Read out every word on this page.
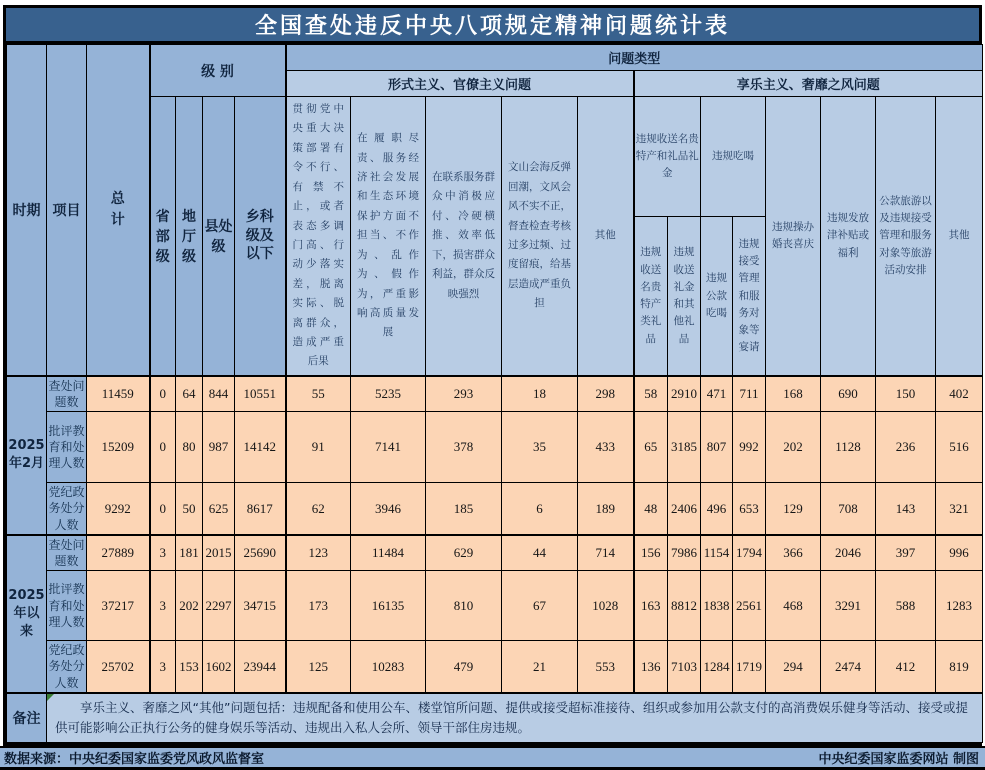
全国查处违反中央八项规定精神问题统计表
时期	项目	总计	级 别				问题类型												
							形式主义、官僚主义问题					享乐主义、奢靡之风问题							
			省部级	地厅级	县处级	乡科级及以下	贯彻党中央重大决策部署有令不行、有禁不止，或者表态多调门高、行动少落实差，脱离实际、脱离群众，造成严重后果	在履职尽责、服务经济社会发展和生态环境保护方面不担当、不作为、乱作为、假作为，严重影响高质量发展	在联系服务群众中消极应付、冷硬横推、效率低下，损害群众利益，群众反映强烈	文山会海反弹回潮，文风会风不实不正，督查检查考核过多过频、过度留痕，给基层造成严重负担	其他	违规收送名贵特产和礼品礼金		违规吃喝		违规操办婚丧喜庆	违规发放津补贴或福利	公款旅游以及违规接受管理和服务对象等旅游活动安排	其他
												违规收送名贵特产类礼品	违规收送礼金和其他礼品	违规公款吃喝	违规接受管理和服务对象等宴请				
2025年2月	查处问题数	11459	0	64	844	10551	55	5235	293	18	298	58	2910	471	711	168	690	150	402
	批评教育和处理人数	15209	0	80	987	14142	91	7141	378	35	433	65	3185	807	992	202	1128	236	516
	党纪政务处分人数	9292	0	50	625	8617	62	3946	185	6	189	48	2406	496	653	129	708	143	321
2025年以来	查处问题数	27889	3	181	2015	25690	123	11484	629	44	714	156	7986	1154	1794	366	2046	397	996
	批评教育和处理人数	37217	3	202	2297	34715	173	16135	810	67	1028	163	8812	1838	2561	468	3291	588	1283
	党纪政务处分人数	25702	3	153	1602	23944	125	10283	479	21	553	136	7103	1284	1719	294	2474	412	819
备注	享乐主义、奢靡之风“其他”问题包括：违规配备和使用公车、楼堂馆所问题、提供或接受超标准接待、组织或参加用公款支付的高消费娱乐健身等活动、接受或提供可能影响公正执行公务的健身娱乐等活动、违规出入私人会所、领导干部住房违规。																		
数据来源：中央纪委国家监委党风政风监督室	中央纪委国家监委网站 制图
